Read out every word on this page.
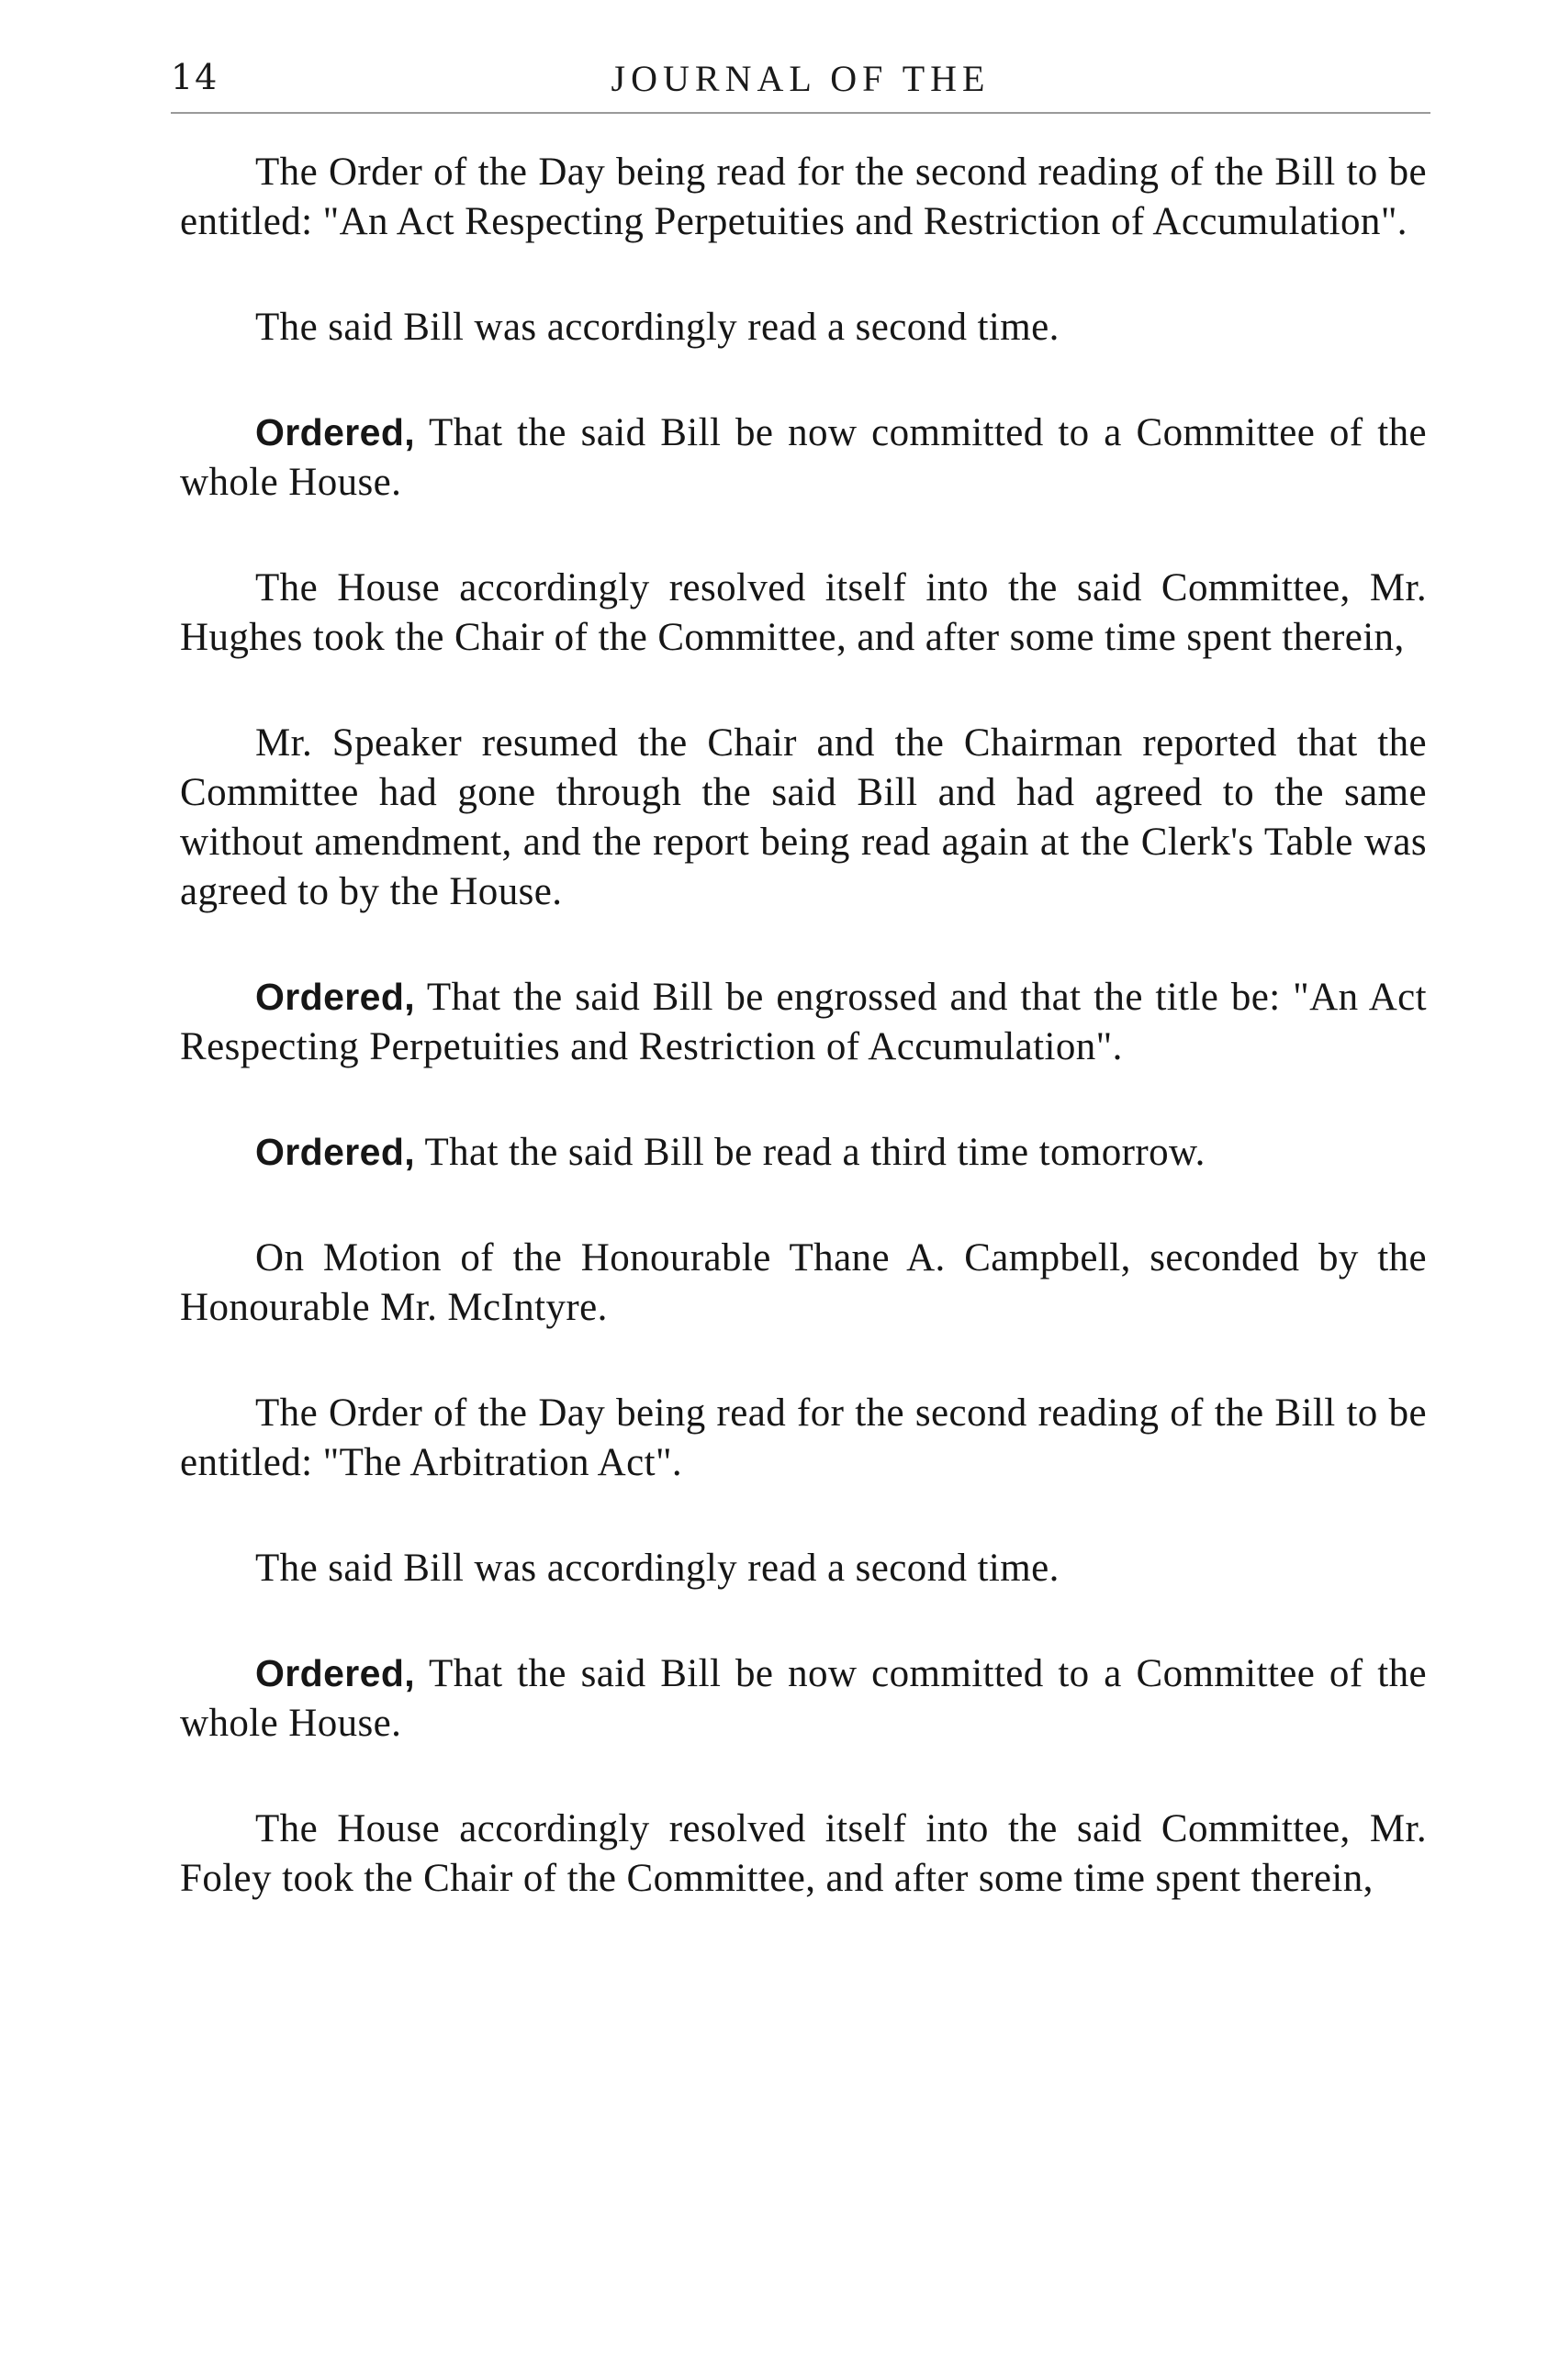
14	JOURNAL OF THE

The Order of the Day being read for the second reading of the Bill to be entitled: "An Act Respecting Perpetuities and Restriction of Accumulation".

The said Bill was accordingly read a second time.

Ordered, That the said Bill be now committed to a Committee of the whole House.

The House accordingly resolved itself into the said Committee, Mr. Hughes took the Chair of the Committee, and after some time spent therein,

Mr. Speaker resumed the Chair and the Chairman reported that the Committee had gone through the said Bill and had agreed to the same without amendment, and the report being read again at the Clerk's Table was agreed to by the House.

Ordered, That the said Bill be engrossed and that the title be: "An Act Respecting Perpetuities and Restriction of Accumulation".

Ordered, That the said Bill be read a third time tomorrow.

On Motion of the Honourable Thane A. Campbell, seconded by the Honourable Mr. McIntyre.

The Order of the Day being read for the second reading of the Bill to be entitled: "The Arbitration Act".

The said Bill was accordingly read a second time.

Ordered, That the said Bill be now committed to a Committee of the whole House.

The House accordingly resolved itself into the said Committee, Mr. Foley took the Chair of the Committee, and after some time spent therein,
